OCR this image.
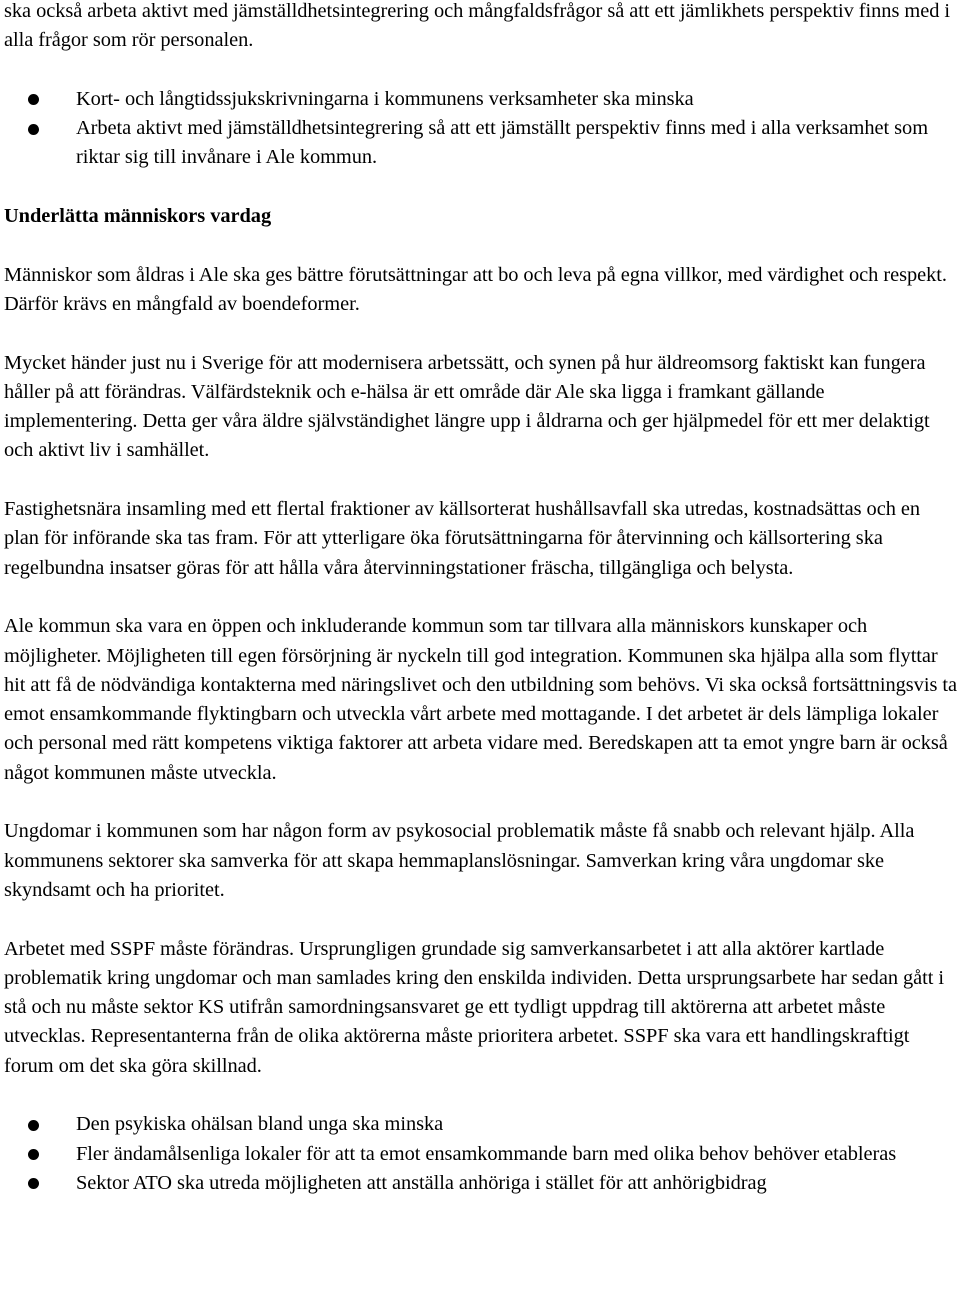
ska också arbeta aktivt med jämställdhetsintegrering och mångfaldsfrågor så att ett jämlikhets perspektiv finns med i alla frågor som rör personalen.

Kort- och långtidssjukskrivningarna i kommunens verksamheter ska minska
Arbeta aktivt med jämställdhetsintegrering så att ett jämställt perspektiv finns med i alla verksamhet som riktar sig till invånare i Ale kommun.
Underlätta människors vardag

Människor som åldras i Ale ska ges bättre förutsättningar att bo och leva på egna villkor, med värdighet och respekt. Därför krävs en mångfald av boendeformer.

Mycket händer just nu i Sverige för att modernisera arbetssätt, och synen på hur äldreomsorg faktiskt kan fungera håller på att förändras. Välfärdsteknik och e-hälsa är ett område där Ale ska ligga i framkant gällande implementering. Detta ger våra äldre självständighet längre upp i åldrarna och ger hjälpmedel för ett mer delaktigt och aktivt liv i samhället.

Fastighetsnära insamling med ett flertal fraktioner av källsorterat hushållsavfall ska utredas, kostnadsättas och en plan för införande ska tas fram. För att ytterligare öka förutsättningarna för återvinning och källsortering ska regelbundna insatser göras för att hålla våra återvinningstationer fräscha, tillgängliga och belysta.

Ale kommun ska vara en öppen och inkluderande kommun som tar tillvara alla människors kunskaper och möjligheter. Möjligheten till egen försörjning är nyckeln till god integration. Kommunen ska hjälpa alla som flyttar hit att få de nödvändiga kontakterna med näringslivet och den utbildning som behövs. Vi ska också fortsättningsvis ta emot ensamkommande flyktingbarn och utveckla vårt arbete med mottagande. I det arbetet är dels lämpliga lokaler och personal med rätt kompetens viktiga faktorer att arbeta vidare med. Beredskapen att ta emot yngre barn är också något kommunen måste utveckla.

Ungdomar i kommunen som har någon form av psykosocial problematik måste få snabb och relevant hjälp. Alla kommunens sektorer ska samverka för att skapa hemmaplanslösningar. Samverkan kring våra ungdomar ske skyndsamt och ha prioritet.

Arbetet med SSPF måste förändras. Ursprungligen grundade sig samverkansarbetet i att alla aktörer kartlade problematik kring ungdomar och man samlades kring den enskilda individen. Detta ursprungsarbete har sedan gått i stå och nu måste sektor KS utifrån samordningsansvaret ge ett tydligt uppdrag till aktörerna att arbetet måste utvecklas. Representanterna från de olika aktörerna måste prioritera arbetet. SSPF ska vara ett handlingskraftigt forum om det ska göra skillnad.

Den psykiska ohälsan bland unga ska minska
Fler ändamålsenliga lokaler för att ta emot ensamkommande barn med olika behov behöver etableras
Sektor ATO ska utreda möjligheten att anställa anhöriga i stället för att anhörigbidrag
